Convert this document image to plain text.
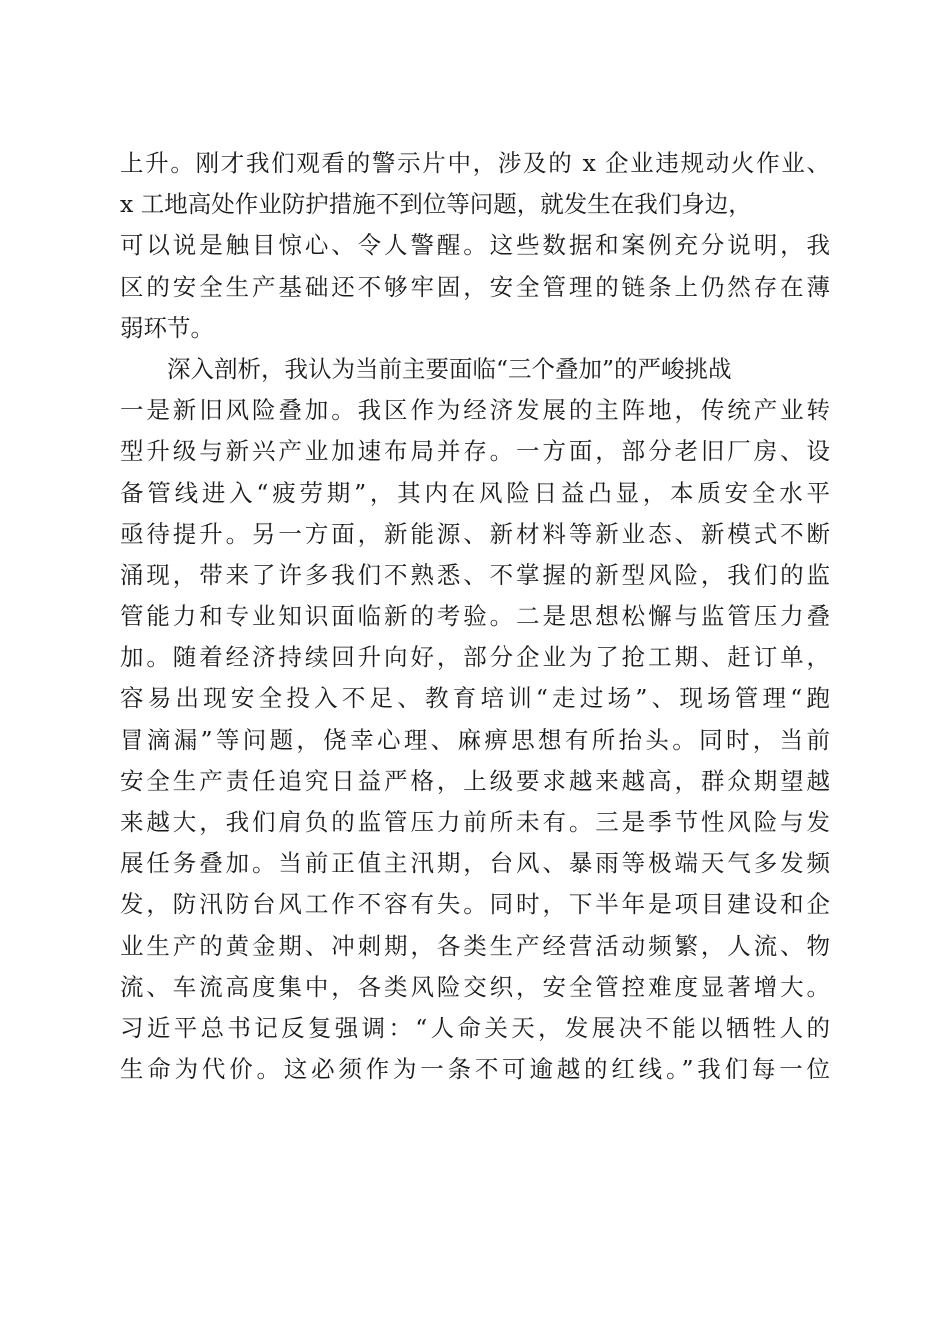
上升。刚才我们观看的警示片中，涉及的 x 企业违规动火作业、
x 工地高处作业防护措施不到位等问题，就发生在我们身边，
可以说是触目惊心、令人警醒。这些数据和案例充分说明，我
区的安全生产基础还不够牢固，安全管理的链条上仍然存在薄
弱环节。
深入剖析，我认为当前主要面临“三个叠加”的严峻挑战
一是新旧风险叠加。我区作为经济发展的主阵地，传统产业转
型升级与新兴产业加速布局并存。一方面，部分老旧厂房、设
备管线进入“疲劳期”，其内在风险日益凸显，本质安全水平
亟待提升。另一方面，新能源、新材料等新业态、新模式不断
涌现，带来了许多我们不熟悉、不掌握的新型风险，我们的监
管能力和专业知识面临新的考验。二是思想松懈与监管压力叠
加。随着经济持续回升向好，部分企业为了抢工期、赶订单，
容易出现安全投入不足、教育培训“走过场”、现场管理“跑
冒滴漏”等问题，侥幸心理、麻痹思想有所抬头。同时，当前
安全生产责任追究日益严格，上级要求越来越高，群众期望越
来越大，我们肩负的监管压力前所未有。三是季节性风险与发
展任务叠加。当前正值主汛期，台风、暴雨等极端天气多发频
发，防汛防台风工作不容有失。同时，下半年是项目建设和企
业生产的黄金期、冲刺期，各类生产经营活动频繁，人流、物
流、车流高度集中，各类风险交织，安全管控难度显著增大。
习近平总书记反复强调：“人命关天，发展决不能以牺牲人的
生命为代价。这必须作为一条不可逾越的红线。”我们每一位
